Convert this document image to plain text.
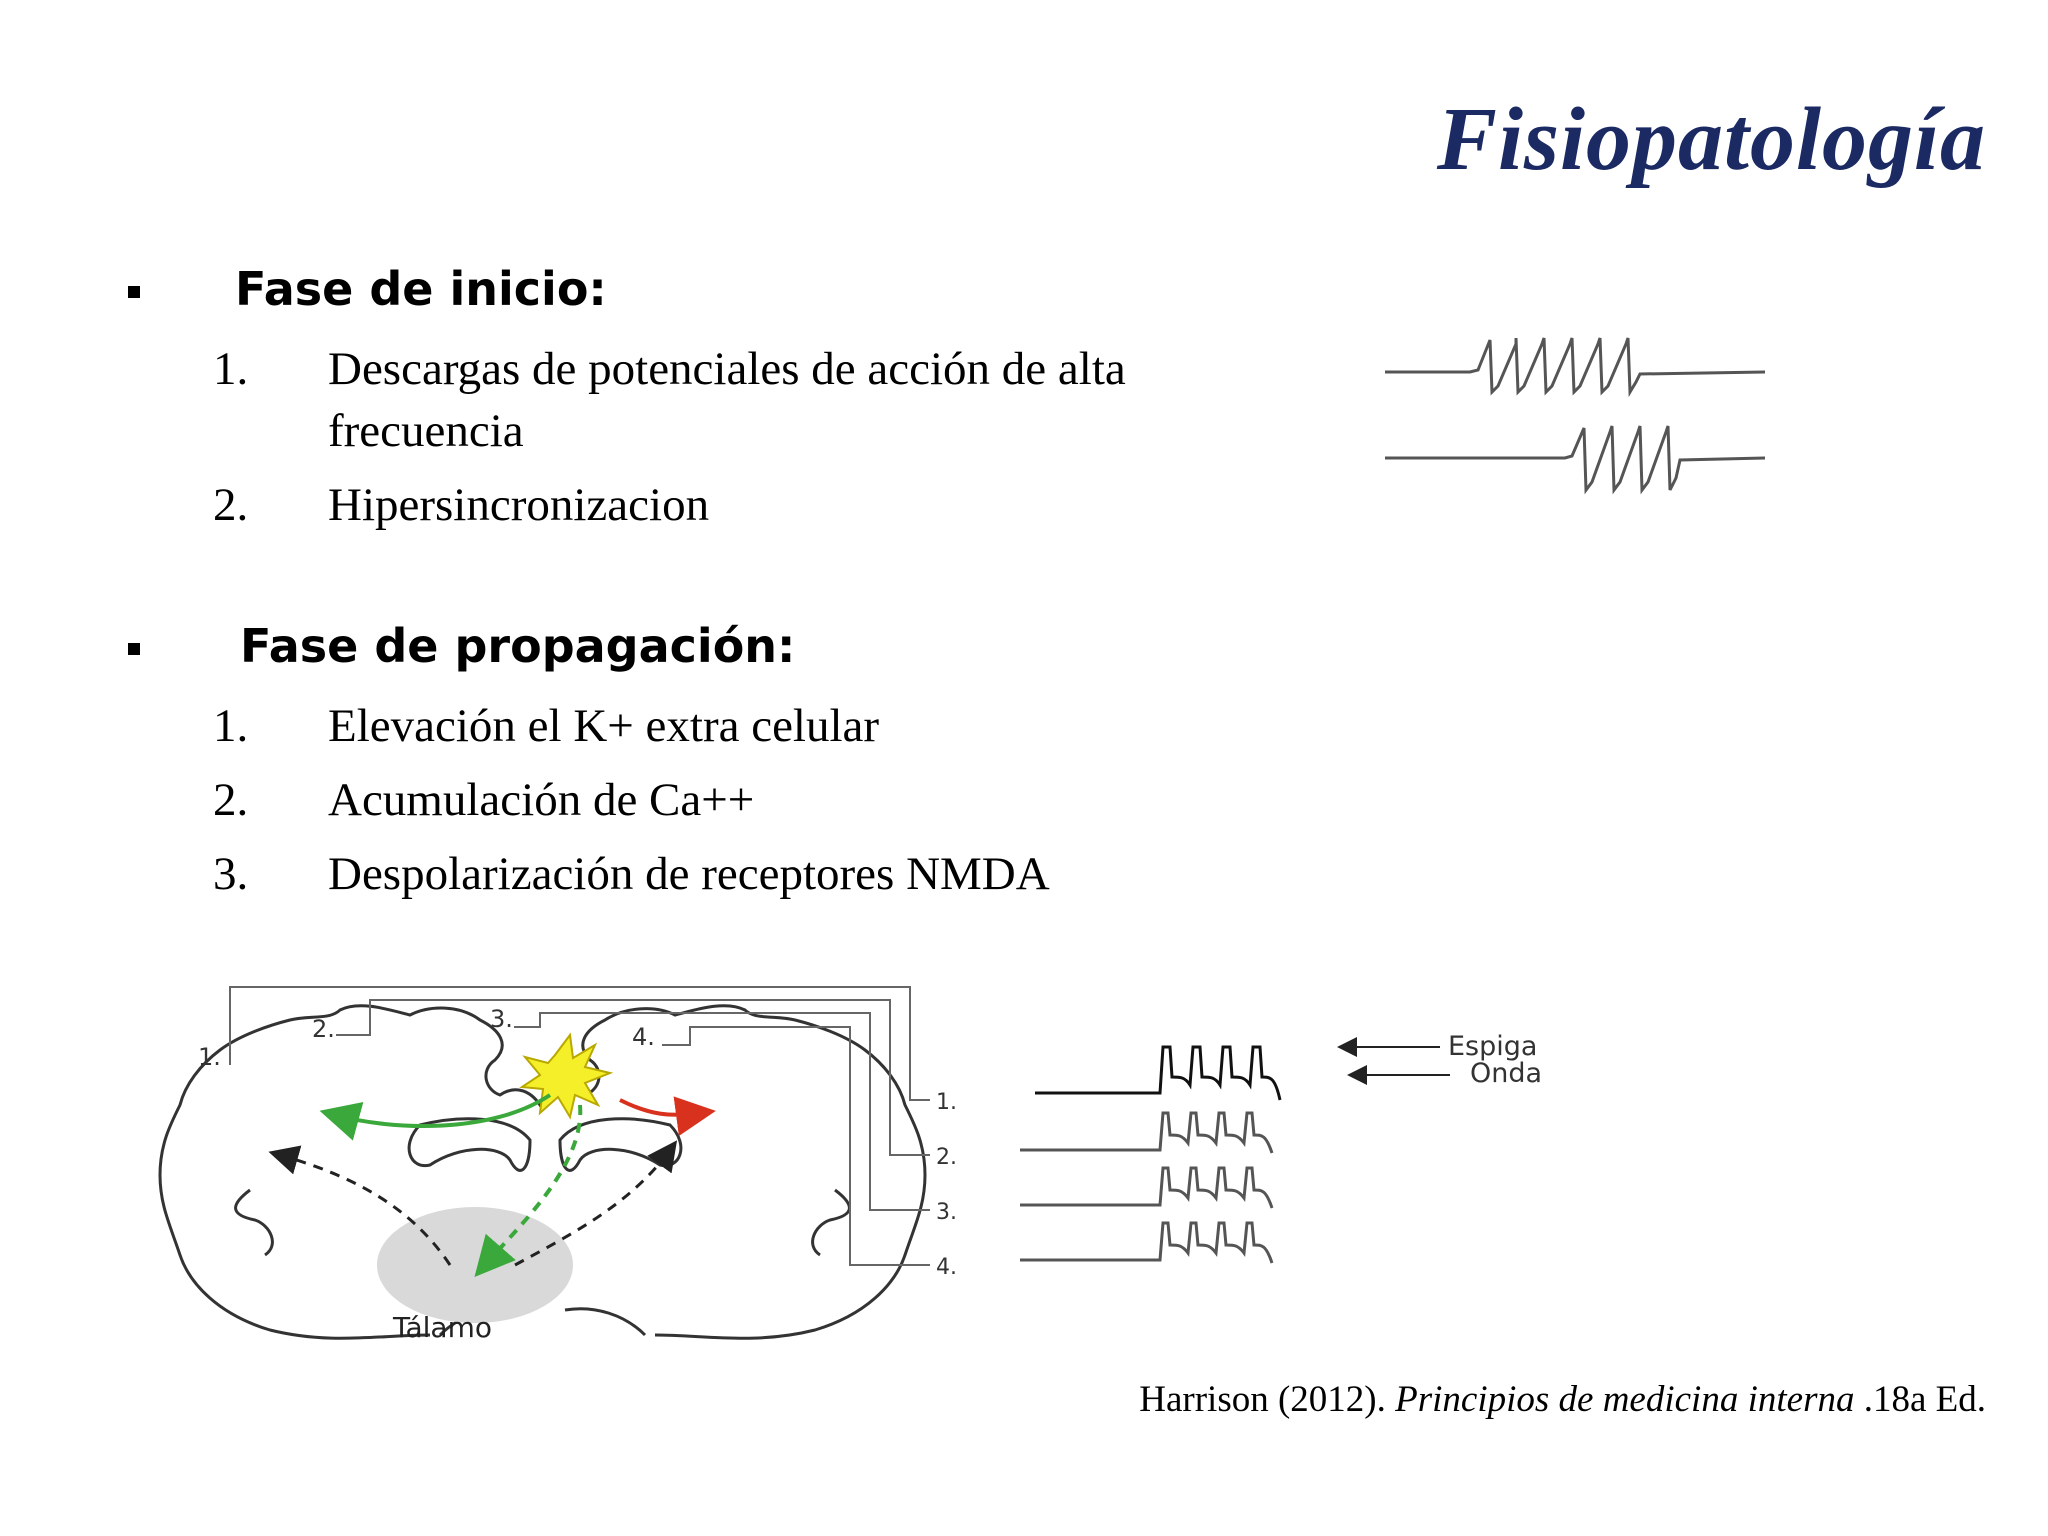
Fisiopatología
Fase de inicio:
1. Descargas de potenciales de acción de alta frecuencia
2. Hipersincronizacion
Fase de propagación:
1. Elevación el K+ extra celular
2. Acumulación de Ca++
3. Despolarización de receptores NMDA
Tálamo
1.
2.	3.
4.
1.
2.
3.
4.
Espiga
Onda
Harrison (2012). Principios de medicina interna .18a Ed.
